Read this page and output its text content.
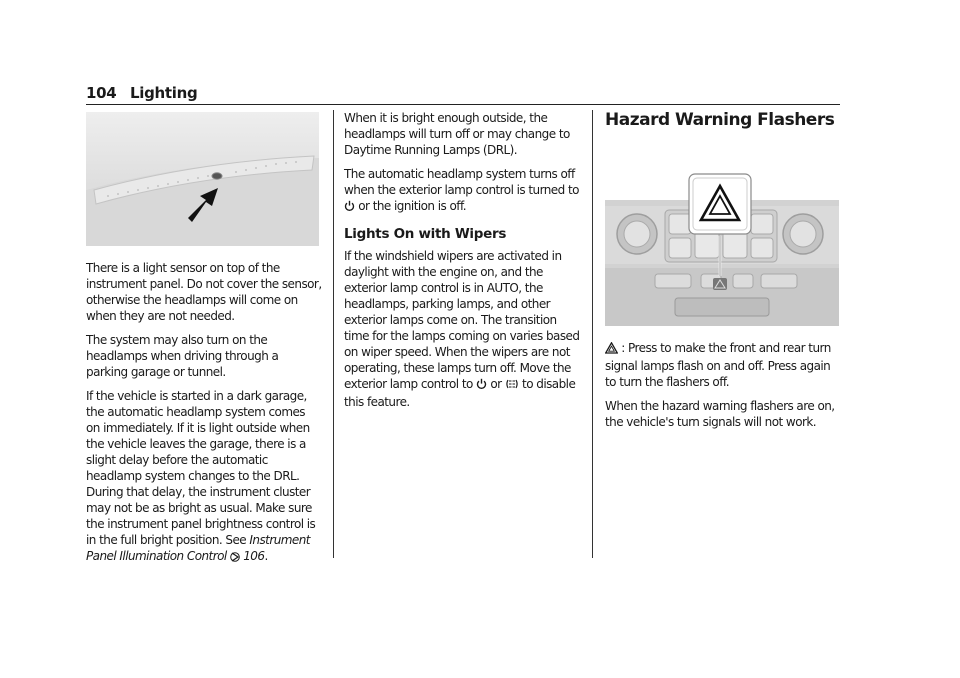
104 Lighting

There is a light sensor on top of the instrument panel. Do not cover the sensor, otherwise the headlamps will come on when they are not needed.

The system may also turn on the headlamps when driving through a parking garage or tunnel.

If the vehicle is started in a dark garage, the automatic headlamp system comes on immediately. If it is light outside when the vehicle leaves the garage, there is a slight delay before the automatic headlamp system changes to the DRL. During that delay, the instrument cluster may not be as bright as usual. Make sure the instrument panel brightness control is in the full bright position. See Instrument Panel Illumination Control 106.

When it is bright enough outside, the headlamps will turn off or may change to Daytime Running Lamps (DRL).

The automatic headlamp system turns off when the exterior lamp control is turned to
or the ignition is off.

Lights On with Wipers

If the windshield wipers are activated in daylight with the engine on, and the exterior lamp control is in AUTO, the headlamps, parking lamps, and other exterior lamps come on. The transition time for the lamps coming on varies based on wiper speed. When the wipers are not operating, these lamps turn off. Move the exterior lamp control to  or  to disable this feature.

Hazard Warning Flashers

: Press to make the front and rear turn signal lamps flash on and off. Press again to turn the flashers off.

When the hazard warning flashers are on, the vehicle's turn signals will not work.
